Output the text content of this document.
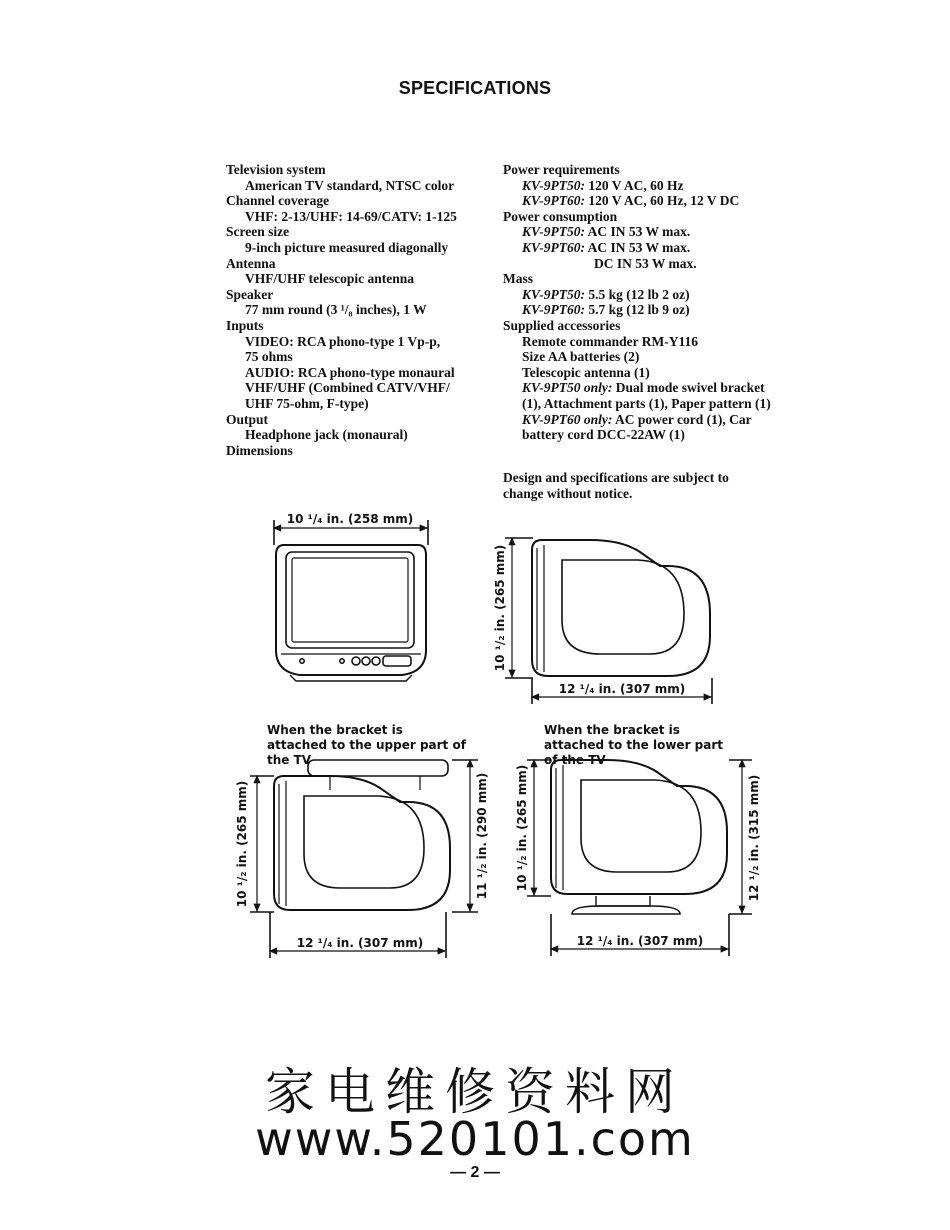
SPECIFICATIONS
Television system
American TV standard, NTSC color
Channel coverage
VHF: 2-13/UHF: 14-69/CATV: 1-125
Screen size
9-inch picture measured diagonally
Antenna
VHF/UHF telescopic antenna
Speaker
77 mm round (3 ¹/₈ inches), 1 W
Inputs
VIDEO: RCA phono-type 1 Vp-p,
75 ohms
AUDIO: RCA phono-type monaural
VHF/UHF (Combined CATV/VHF/
UHF 75-ohm, F-type)
Output
Headphone jack (monaural)
Dimensions
Power requirements
KV-9PT50: 120 V AC, 60 Hz
KV-9PT60: 120 V AC, 60 Hz, 12 V DC
Power consumption
KV-9PT50: AC IN 53 W max.
KV-9PT60: AC IN 53 W max.
DC IN 53 W max.
Mass
KV-9PT50: 5.5 kg (12 lb 2 oz)
KV-9PT60: 5.7 kg (12 lb 9 oz)
Supplied accessories
Remote commander RM-Y116
Size AA batteries (2)
Telescopic antenna (1)
KV-9PT50 only: Dual mode swivel bracket (1), Attachment parts (1), Paper pattern (1)
KV-9PT60 only: AC power cord (1), Car battery cord DCC-22AW (1)
Design and specifications are subject to change without notice.
10 ¹/₄ in. (258 mm)
10 ¹/₂ in. (265 mm)
12 ¹/₄ in. (307 mm)
10 ¹/₂ in. (265 mm)	11 ¹/₂ in. (290 mm)
12 ¹/₄ in. (307 mm)
10 ¹/₂ in. (265 mm)	12 ¹/₂ in. (315 mm)
12 ¹/₄ in. (307 mm)
When the bracket is attached to the upper part of the TV
When the bracket is attached to the lower part of the TV
家电维修资料网
www.520101.com
— 2 —
